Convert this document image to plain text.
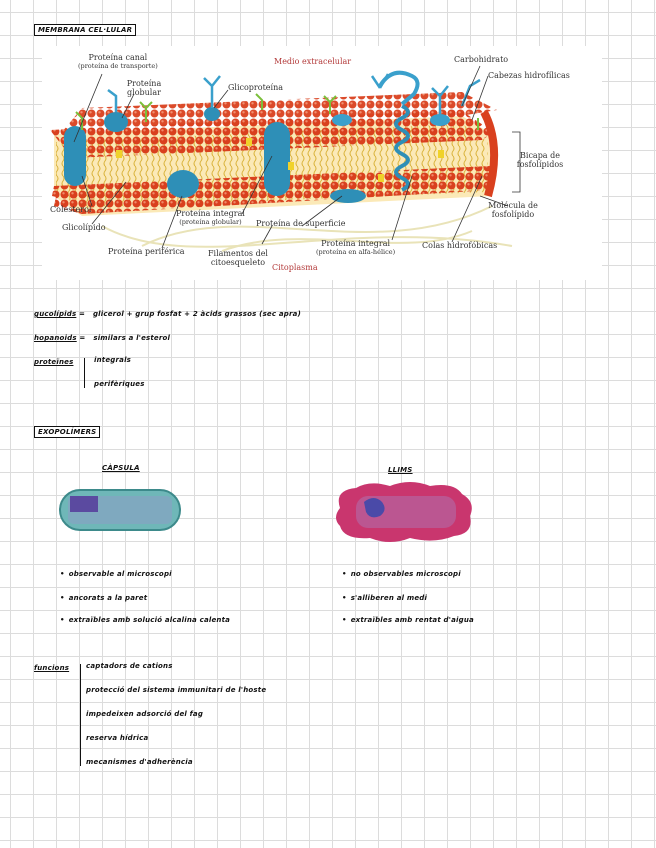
MEMBRANA CEL·LULAR
Proteína canal
(proteína de transporte)
Proteína globular
Medio extracelular
Glicoproteína
Carbohidrato
Cabezas hidrofílicas
Bicapa de fosfolípidos
Molécula de fosfolípido
Colas hidrofóbicas
Colesterol
Glicolípido
Proteína integral
(proteína globular)	Proteína de superficie
Proteína periférica	Filamentos del citoesqueleto
Citoplasma
Proteína integral
(proteína en alfa-hélice)
gucolípids =   glicerol + grup fosfat + 2 àcids grassos (sec apra)
hopanoids =   similars a l'esterol
proteïnes	integrals
perifèriques
EXOPOLÍMERS
CÀPSULA	LLIMS
• observable al microscopi
• ancorats a la paret
• extraïbles amb solució alcalina calenta
• no observables microscopi
• s'alliberen al medi
• extraïbles amb rentat d'aigua
funcions captadors de cations
protecció del sistema immunitari de l'hoste
impedeixen adsorció del fag
reserva hídrica
mecanismes d'adherència
